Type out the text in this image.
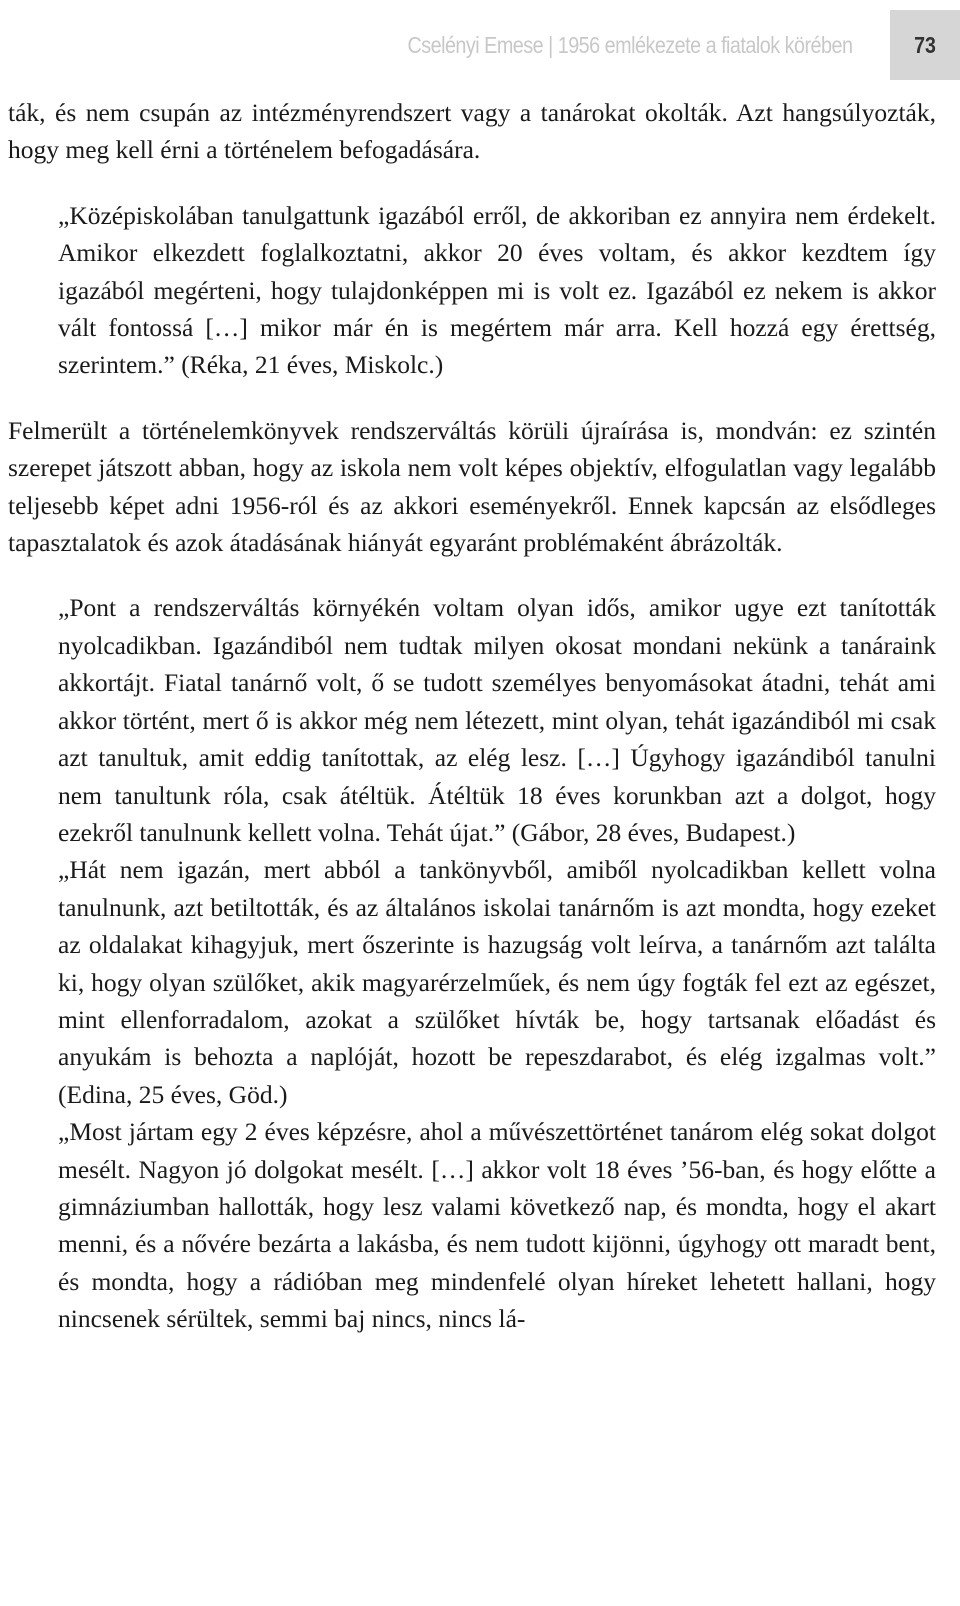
Cselényi Emese | 1956 emlékezete a fiatalok körében	73

ták, és nem csupán az intézményrendszert vagy a tanárokat okolták. Azt hangsúlyozták, hogy meg kell érni a történelem befogadására.

„Középiskolában tanulgattunk igazából erről, de akkoriban ez annyira nem érdekelt. Amikor elkezdett foglalkoztatni, akkor 20 éves voltam, és akkor kezdtem így igazából megérteni, hogy tulajdonképpen mi is volt ez. Igazából ez nekem is akkor vált fontossá […] mikor már én is megértem már arra. Kell hozzá egy érettség, szerintem.” (Réka, 21 éves, Miskolc.)

Felmerült a történelemkönyvek rendszerváltás körüli újraírása is, mondván: ez szintén szerepet játszott abban, hogy az iskola nem volt képes objektív, elfogulatlan vagy legalább teljesebb képet adni 1956-ról és az akkori eseményekről. Ennek kapcsán az elsődleges tapasztalatok és azok átadásának hiányát egyaránt problémaként ábrázolták.

„Pont a rendszerváltás környékén voltam olyan idős, amikor ugye ezt tanították nyolcadikban. Igazándiból nem tudtak milyen okosat mondani nekünk a tanáraink akkortájt. Fiatal tanárnő volt, ő se tudott személyes benyomásokat átadni, tehát ami akkor történt, mert ő is akkor még nem létezett, mint olyan, tehát igazándiból mi csak azt tanultuk, amit eddig tanítottak, az elég lesz. […] Úgyhogy igazándiból tanulni nem tanultunk róla, csak átéltük. Átéltük 18 éves korunkban azt a dolgot, hogy ezekről tanulnunk kellett volna. Tehát újat.” (Gábor, 28 éves, Budapest.)

„Hát nem igazán, mert abból a tankönyvből, amiből nyolcadikban kellett volna tanulnunk, azt betiltották, és az általános iskolai tanárnőm is azt mondta, hogy ezeket az oldalakat kihagyjuk, mert őszerinte is hazugság volt leírva, a tanárnőm azt találta ki, hogy olyan szülőket, akik magyarérzelműek, és nem úgy fogták fel ezt az egészet, mint ellenforradalom, azokat a szülőket hívták be, hogy tartsanak előadást és anyukám is behozta a naplóját, hozott be repeszdarabot, és elég izgalmas volt.” (Edina, 25 éves, Göd.)

„Most jártam egy 2 éves képzésre, ahol a művészettörténet tanárom elég sokat dolgot mesélt. Nagyon jó dolgokat mesélt. […] akkor volt 18 éves ’56-ban, és hogy előtte a gimnáziumban hallották, hogy lesz valami következő nap, és mondta, hogy el akart menni, és a nővére bezárta a lakásba, és nem tudott kijönni, úgyhogy ott maradt bent, és mondta, hogy a rádióban meg mindenfelé olyan híreket lehetett hallani, hogy nincsenek sérültek, semmi baj nincs, nincs lá-
